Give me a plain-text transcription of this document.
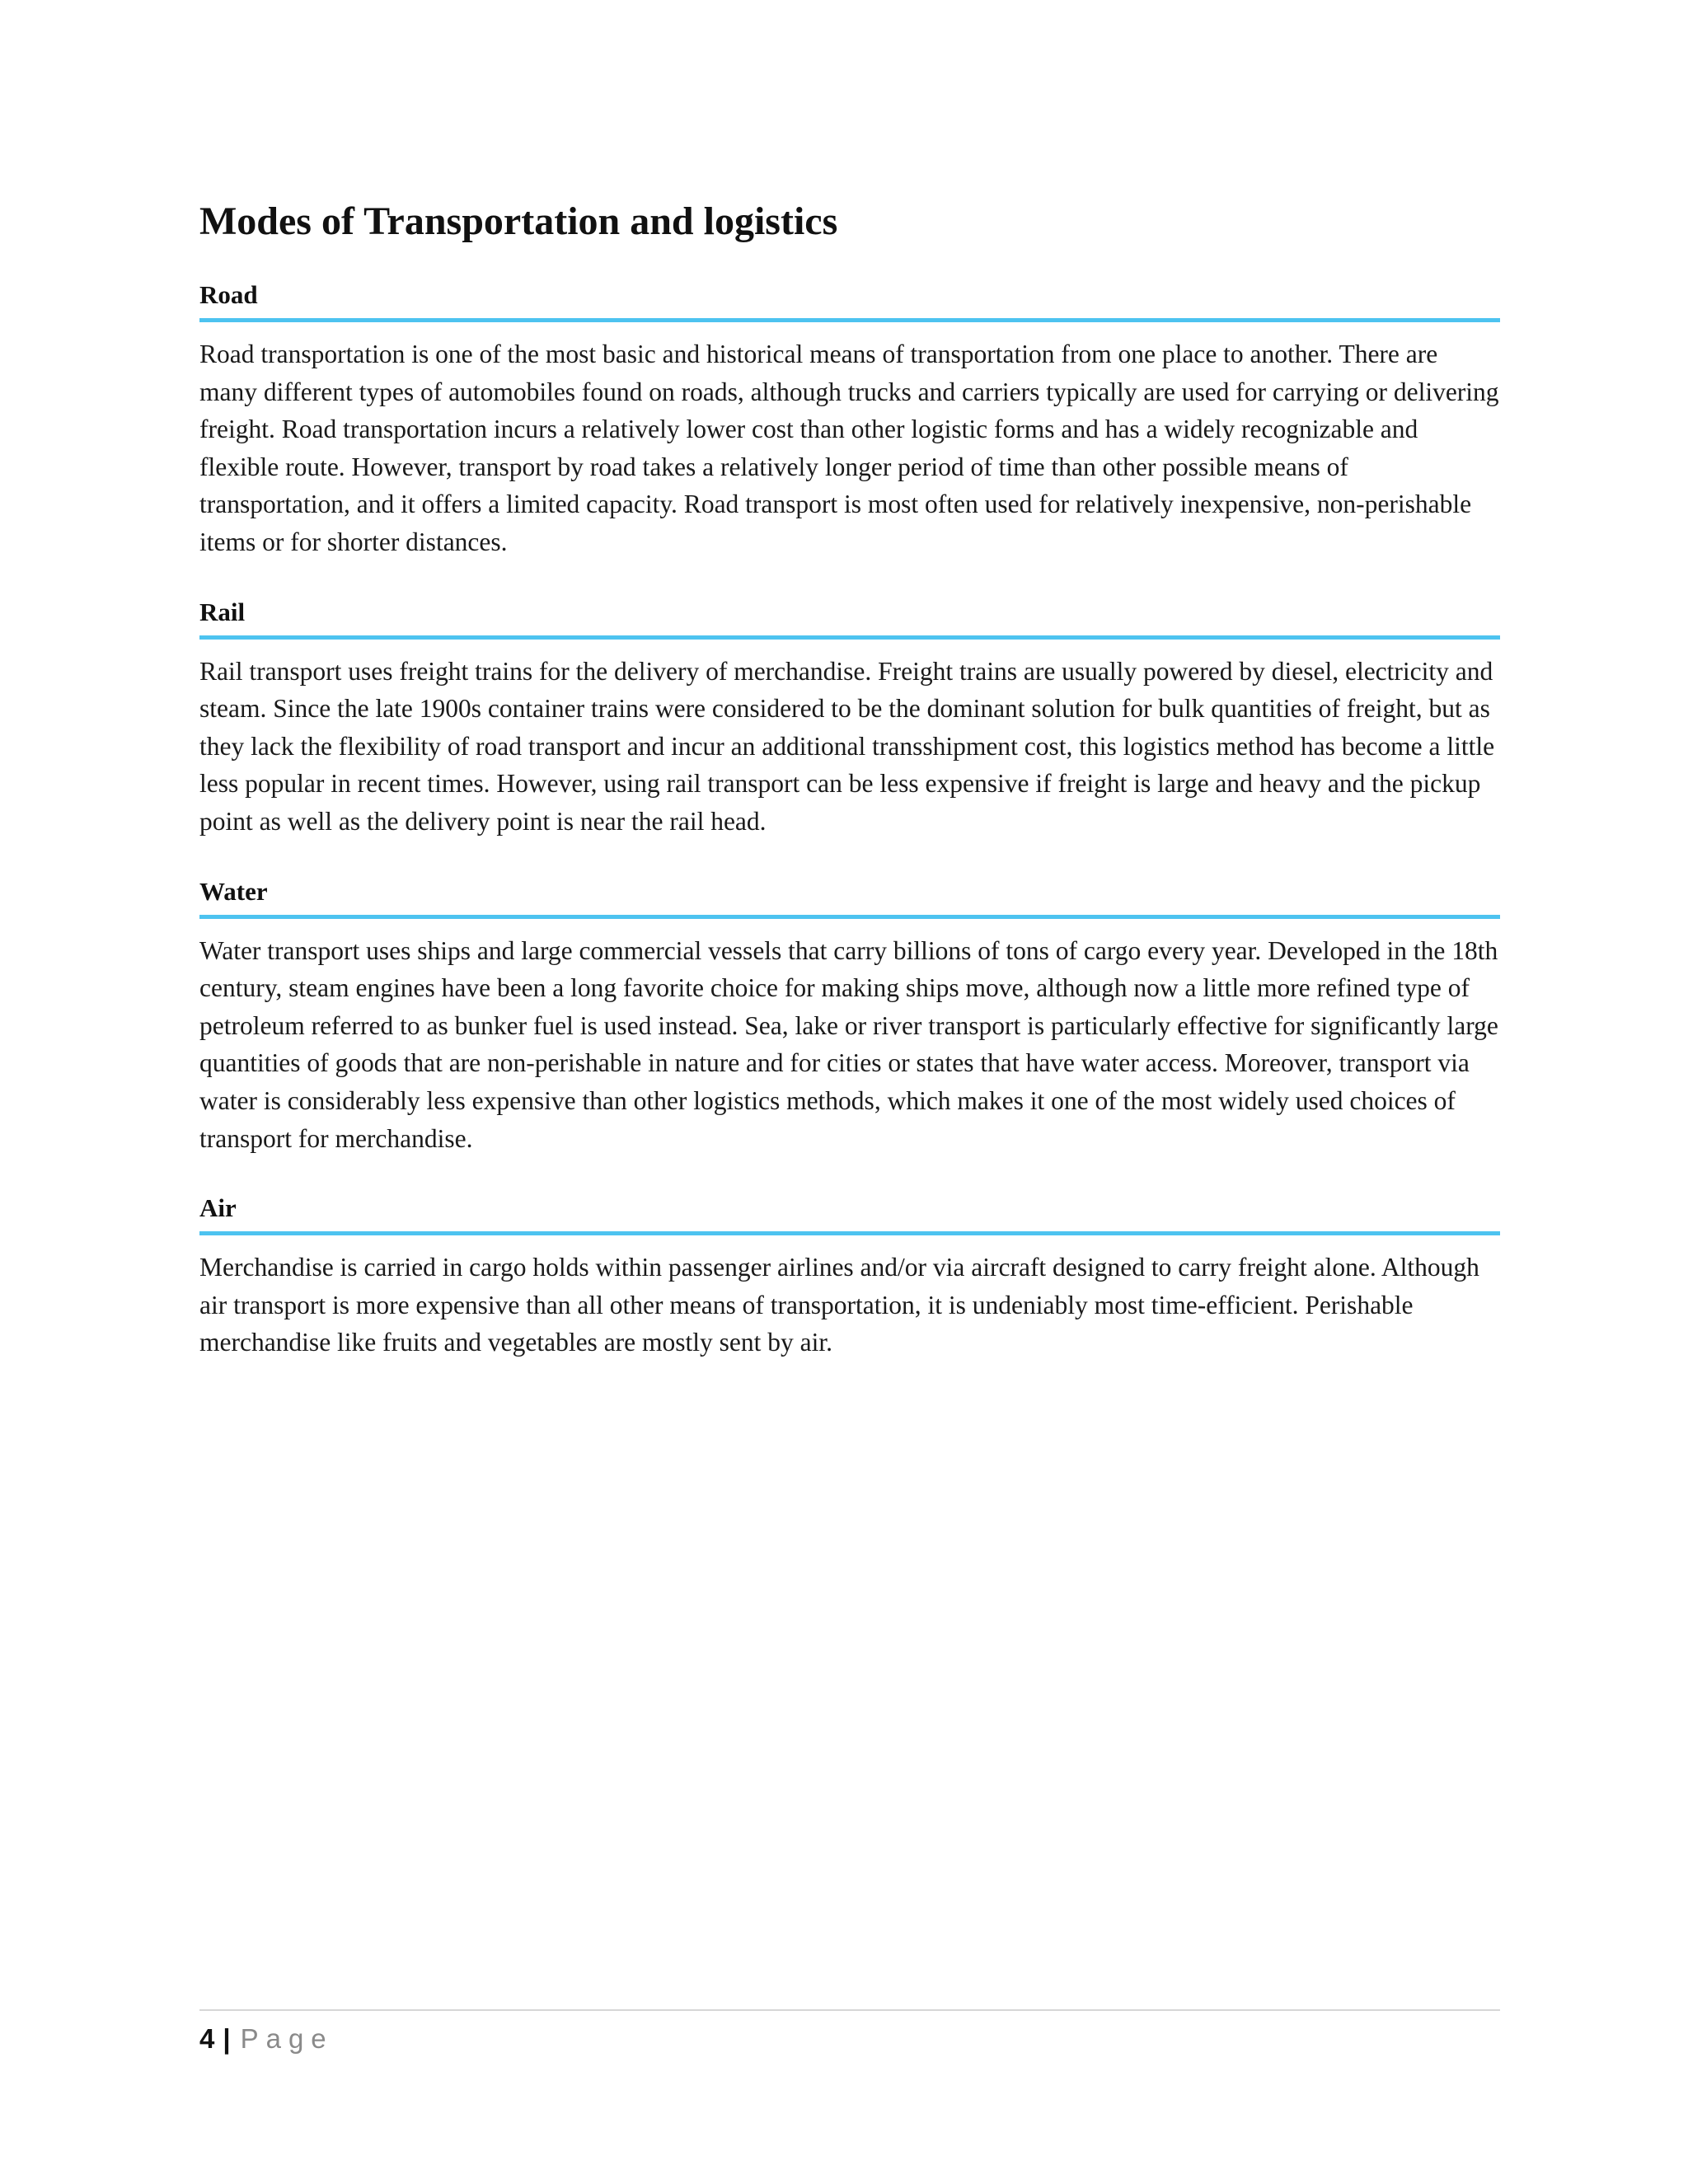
Modes of Transportation and logistics
Road

Road transportation is one of the most basic and historical means of transportation from one place to another. There are many different types of automobiles found on roads, although trucks and carriers typically are used for carrying or delivering freight. Road transportation incurs a relatively lower cost than other logistic forms and has a widely recognizable and flexible route. However, transport by road takes a relatively longer period of time than other possible means of transportation, and it offers a limited capacity. Road transport is most often used for relatively inexpensive, non-perishable items or for shorter distances.

Rail

Rail transport uses freight trains for the delivery of merchandise. Freight trains are usually powered by diesel, electricity and steam. Since the late 1900s container trains were considered to be the dominant solution for bulk quantities of freight, but as they lack the flexibility of road transport and incur an additional transshipment cost, this logistics method has become a little less popular in recent times. However, using rail transport can be less expensive if freight is large and heavy and the pickup point as well as the delivery point is near the rail head.

Water

Water transport uses ships and large commercial vessels that carry billions of tons of cargo every year. Developed in the 18th century, steam engines have been a long favorite choice for making ships move, although now a little more refined type of petroleum referred to as bunker fuel is used instead. Sea, lake or river transport is particularly effective for significantly large quantities of goods that are non-perishable in nature and for cities or states that have water access. Moreover, transport via water is considerably less expensive than other logistics methods, which makes it one of the most widely used choices of transport for merchandise.

Air

Merchandise is carried in cargo holds within passenger airlines and/or via aircraft designed to carry freight alone. Although air transport is more expensive than all other means of transportation, it is undeniably most time-efficient. Perishable merchandise like fruits and vegetables are mostly sent by air.

4 | Page
